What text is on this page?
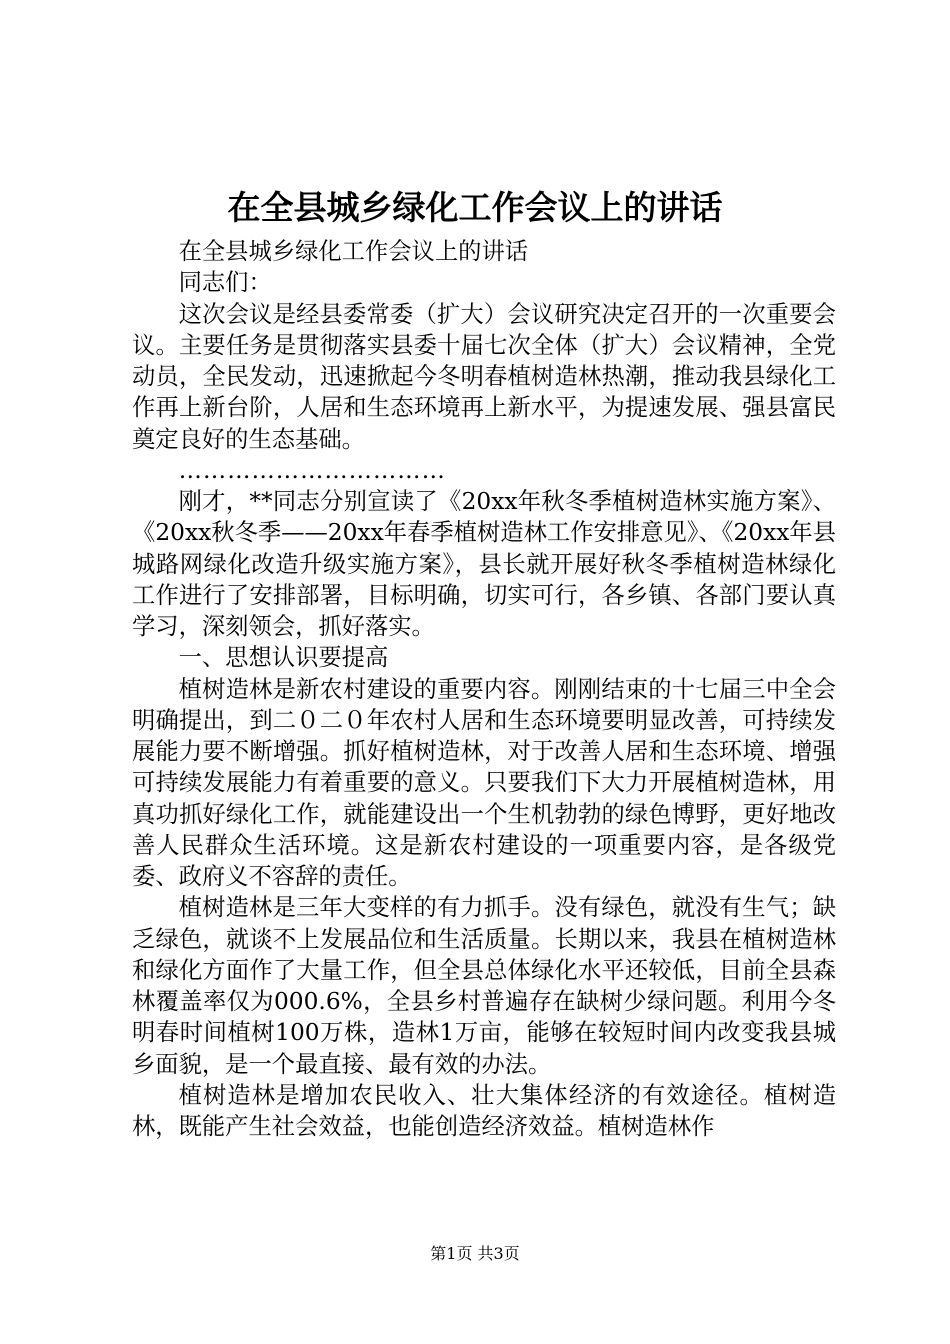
在全县城乡绿化工作会议上的讲话

在全县城乡绿化工作会议上的讲话

同志们：

这次会议是经县委常委（扩大）会议研究决定召开的一次重要会议。主要任务是贯彻落实县委十届七次全体（扩大）会议精神，全党动员，全民发动，迅速掀起今冬明春植树造林热潮，推动我县绿化工作再上新台阶，人居和生态环境再上新水平，为提速发展、强县富民奠定良好的生态基础。

……………………………

刚才，**同志分别宣读了《20xx年秋冬季植树造林实施方案》、《20xx秋冬季——20xx年春季植树造林工作安排意见》、《20xx年县城路网绿化改造升级实施方案》，县长就开展好秋冬季植树造林绿化工作进行了安排部署，目标明确，切实可行，各乡镇、各部门要认真学习，深刻领会，抓好落实。

一、思想认识要提高

植树造林是新农村建设的重要内容。刚刚结束的十七届三中全会明确提出，到二０二０年农村人居和生态环境要明显改善，可持续发展能力要不断增强。抓好植树造林，对于改善人居和生态环境、增强可持续发展能力有着重要的意义。只要我们下大力开展植树造林，用真功抓好绿化工作，就能建设出一个生机勃勃的绿色博野，更好地改善人民群众生活环境。这是新农村建设的一项重要内容，是各级党委、政府义不容辞的责任。

植树造林是三年大变样的有力抓手。没有绿色，就没有生气；缺乏绿色，就谈不上发展品位和生活质量。长期以来，我县在植树造林和绿化方面作了大量工作，但全县总体绿化水平还较低，目前全县森林覆盖率仅为000.6%，全县乡村普遍存在缺树少绿问题。利用今冬明春时间植树100万株，造林1万亩，能够在较短时间内改变我县城乡面貌，是一个最直接、最有效的办法。

植树造林是增加农民收入、壮大集体经济的有效途径。植树造林，既能产生社会效益，也能创造经济效益。植树造林作

第1页 共3页
